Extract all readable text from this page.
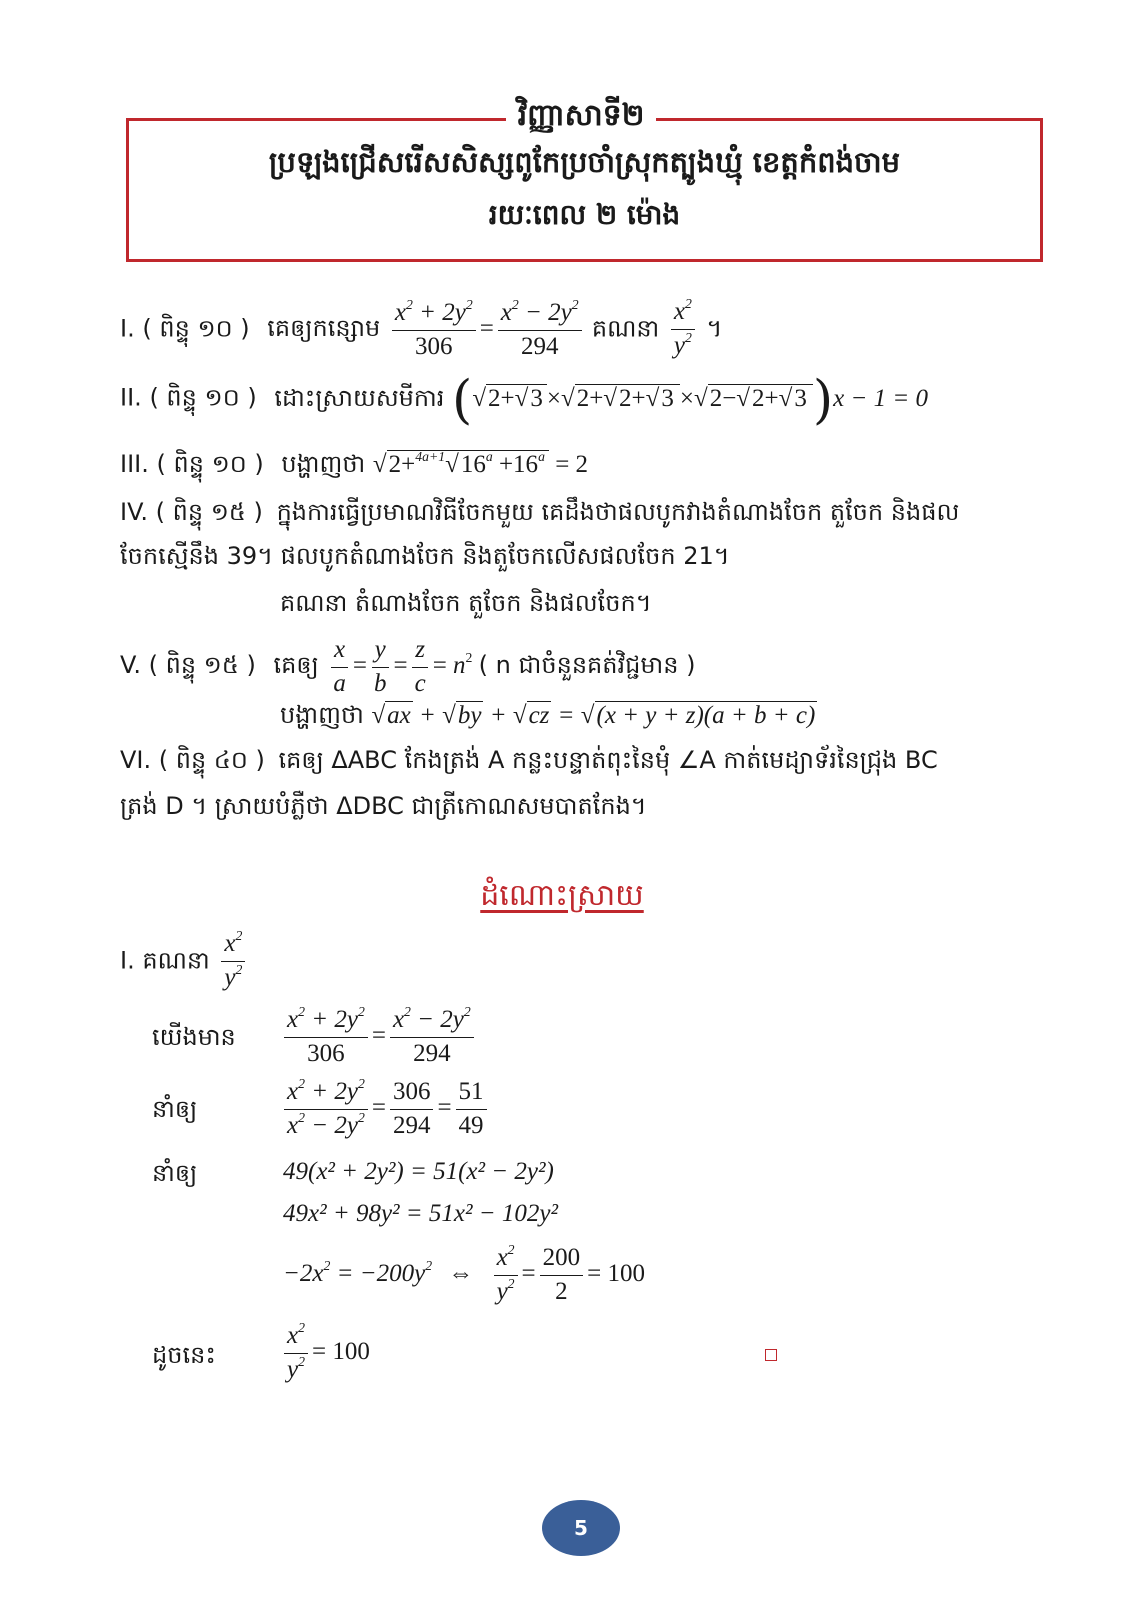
វិញ្ញាសាទី២
ប្រឡងជ្រើសរើសសិស្សពូកែប្រចាំស្រុកត្បូងឃ្មុំ ខេត្តកំពង់ចាម
រយៈពេល ២ ម៉ោង
I. ( ពិន្ទុ ១០ ) គេឲ្យកន្សោម $\frac{x^2 + 2y^2}{306} = \frac{x^2 - 2y^2}{294}$ គណនា $\frac{x^2}{y^2}$ ។
II. ( ពិន្ទុ ១០ ) ដោះស្រាយសមីការ (√2+√3 ×√2+√2+√3 ×√2−√2+√3 )x − 1 = 0
III. ( ពិន្ទុ ១០ ) បង្ហាញថា $√2+^{4a+1}√16^a +16^a = 2$
IV. ( ពិន្ទុ ១៥ ) ក្នុងការធ្វើប្រមាណវិធីចែកមួយ គេដឹងថាផលបូកវាងតំណាងចែក តួចែក និងផល
ចែកស្មើនឹង 39។ ផលបូកតំណាងចែក និងតួចែកលើសផលចែក 21។
គណនា តំណាងចែក តួចែក និងផលចែក។
V. ( ពិន្ទុ ១៥ ) គេឲ្យ $\frac{x}{a} = \frac{y}{b} = \frac{z}{c} = n^2$ ( n ជាចំនួនគត់វិជ្ជមាន )
បង្ហាញថា √ax + √by + √cz = √(x + y + z)(a + b + c)
VI. ( ពិន្ទុ ៤០ ) គេឲ្យ ΔABC កែងត្រង់ A កន្លះបន្ទាត់ពុះនៃមុំ ∠A កាត់មេដ្យាទ័រនៃជ្រុង BC
ត្រង់ D ។ ស្រាយបំភ្លឺថា ΔDBC ជាត្រីកោណសមបាតកែង។
ដំណោះស្រាយ
I. គណនា $\frac{x^2}{y^2}$
យើងមាន $\frac{x^2 + 2y^2}{306} = \frac{x^2 - 2y^2}{294}$
នាំឲ្យ	$\frac{x^2 + 2y^2}{x^2 - 2y^2} = \frac{306}{294} = \frac{51}{49}$
នាំឲ្យ	49(x² + 2y²) = 51(x² − 2y²)
49x² + 98y² = 51x² − 102y²
$-2x^2 = -200y^2$ ⇔ $\frac{x^2}{y^2} = \frac{200}{2} = 100$
ដូចនេះ	$\frac{x^2}{y^2} = 100$
5
